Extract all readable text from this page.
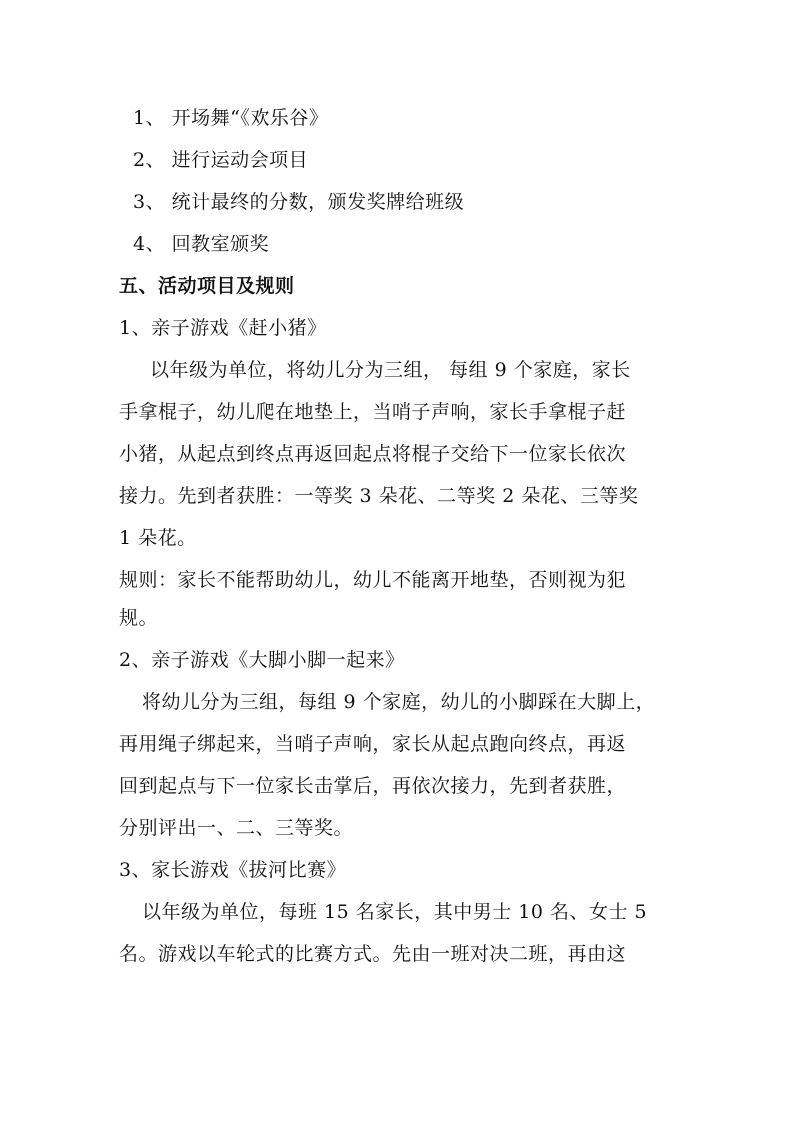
1、 开场舞“《欢乐谷》
2、 进行运动会项目
3、 统计最终的分数，颁发奖牌给班级
4、 回教室颁奖
五、活动项目及规则
1、亲子游戏《赶小猪》
以年级为单位，将幼儿分为三组， 每组 9 个家庭，家长
手拿棍子，幼儿爬在地垫上，当哨子声响，家长手拿棍子赶
小猪，从起点到终点再返回起点将棍子交给下一位家长依次
接力。先到者获胜：一等奖 3 朵花、二等奖 2 朵花、三等奖
1 朵花。
规则：家长不能帮助幼儿，幼儿不能离开地垫，否则视为犯
规。
2、亲子游戏《大脚小脚一起来》
将幼儿分为三组，每组 9 个家庭，幼儿的小脚踩在大脚上，
再用绳子绑起来，当哨子声响，家长从起点跑向终点，再返
回到起点与下一位家长击掌后，再依次接力，先到者获胜，
分别评出一、二、三等奖。
3、家长游戏《拔河比赛》
以年级为单位，每班 15 名家长，其中男士 10 名、女士 5
名。游戏以车轮式的比赛方式。先由一班对决二班，再由这
